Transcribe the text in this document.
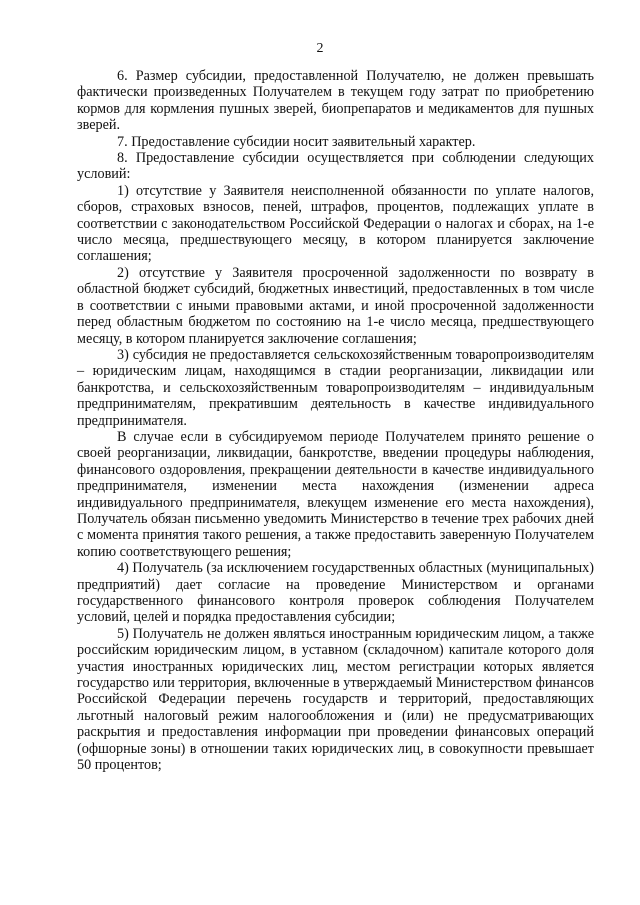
2

6. Размер субсидии, предоставленной Получателю, не должен превышать фактически произведенных Получателем в текущем году затрат по приобретению кормов для кормления пушных зверей, биопрепаратов и медикаментов для пушных зверей.

7. Предоставление субсидии носит заявительный характер.

8. Предоставление субсидии осуществляется при соблюдении следующих условий:

1) отсутствие у Заявителя неисполненной обязанности по уплате налогов, сборов, страховых взносов, пеней, штрафов, процентов, подлежащих уплате в соответствии с законодательством Российской Федерации о налогах и сборах, на 1-е число месяца, предшествующего месяцу, в котором планируется заключение соглашения;

2) отсутствие у Заявителя просроченной задолженности по возврату в областной бюджет субсидий, бюджетных инвестиций, предоставленных в том числе в соответствии с иными правовыми актами, и иной просроченной задолженности перед областным бюджетом по состоянию на 1-е число месяца, предшествующего месяцу, в котором планируется заключение соглашения;

3) субсидия не предоставляется сельскохозяйственным товаропроизводителям – юридическим лицам, находящимся в стадии реорганизации, ликвидации или банкротства, и сельскохозяйственным товаропроизводителям – индивидуальным предпринимателям, прекратившим деятельность в качестве индивидуального предпринимателя.

В случае если в субсидируемом периоде Получателем принято решение о своей реорганизации, ликвидации, банкротстве, введении процедуры наблюдения, финансового оздоровления, прекращении деятельности в качестве индивидуального предпринимателя, изменении места нахождения (изменении адреса индивидуального предпринимателя, влекущем изменение его места нахождения), Получатель обязан письменно уведомить Министерство в течение трех рабочих дней с момента принятия такого решения, а также предоставить заверенную Получателем копию соответствующего решения;

4) Получатель (за исключением государственных областных (муниципальных) предприятий) дает согласие на проведение Министерством и органами государственного финансового контроля проверок соблюдения Получателем условий, целей и порядка предоставления субсидии;

5) Получатель не должен являться иностранным юридическим лицом, а также российским юридическим лицом, в уставном (складочном) капитале которого доля участия иностранных юридических лиц, местом регистрации которых является государство или территория, включенные в утверждаемый Министерством финансов Российской Федерации перечень государств и территорий, предоставляющих льготный налоговый режим налогообложения и (или) не предусматривающих раскрытия и предоставления информации при проведении финансовых операций (офшорные зоны) в отношении таких юридических лиц, в совокупности превышает 50 процентов;
